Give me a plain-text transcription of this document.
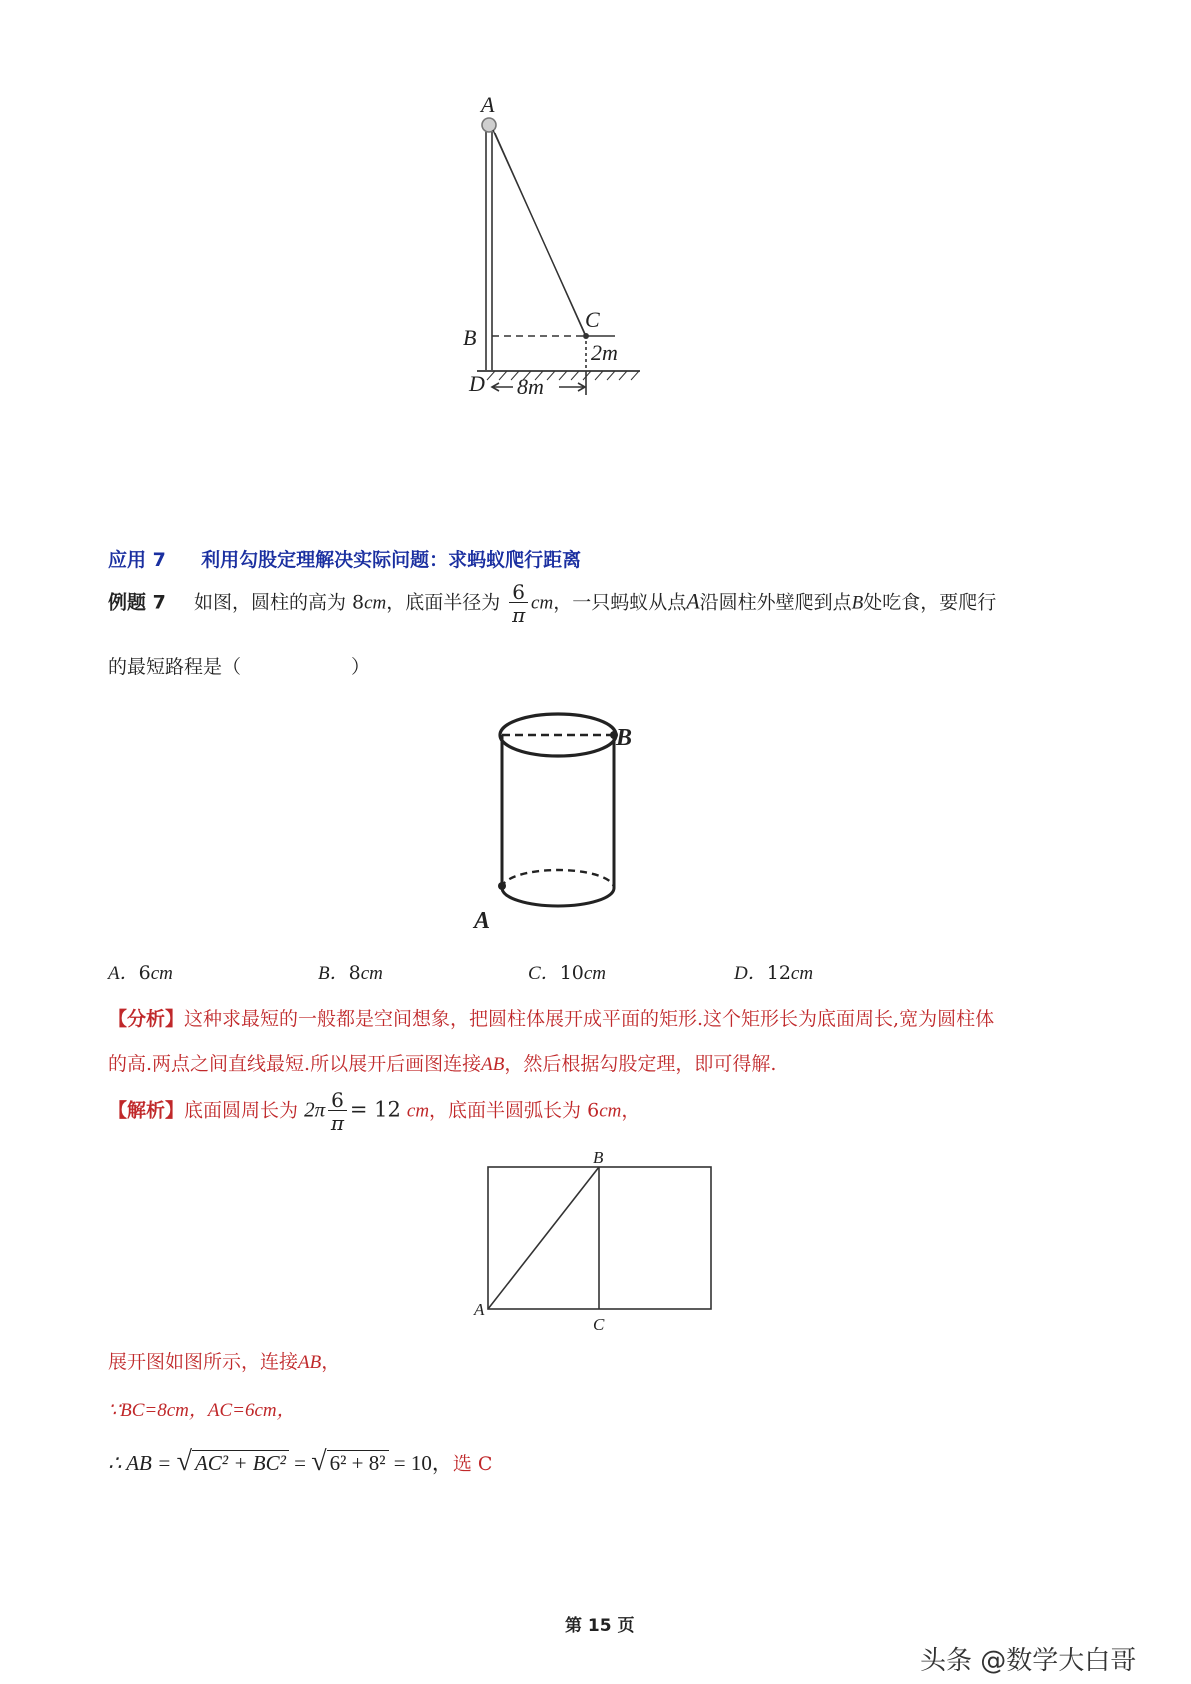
A
B
C
D
2m
8m
应用 7 利用勾股定理解决实际问题：求蚂蚁爬行距离
例题 7 如图，圆柱的高为 8cm，底面半径为 $\frac{6}{\pi}$ cm，一只蚂蚁从点A沿圆柱外壁爬到点B处吃食，要爬行
的最短路程是（	）
B
A
A．6cm	B．8cm	C．10cm	D．12cm
【分析】这种求最短的一般都是空间想象，把圆柱体展开成平面的矩形.这个矩形长为底面周长,宽为圆柱体
的高.两点之间直线最短.所以展开后画图连接AB，然后根据勾股定理，即可得解.
【解析】底面圆周长为 $2\pi \frac{6}{\pi} = 12$ cm，底面半圆弧长为 6cm，
B
A
C
展开图如图所示，连接AB，
∵BC=8cm，AC=6cm，
∴ AB = √ AC² + BC² = √ 6² + 8² = 10，选 C
第 15 页
头条 @数学大白哥
